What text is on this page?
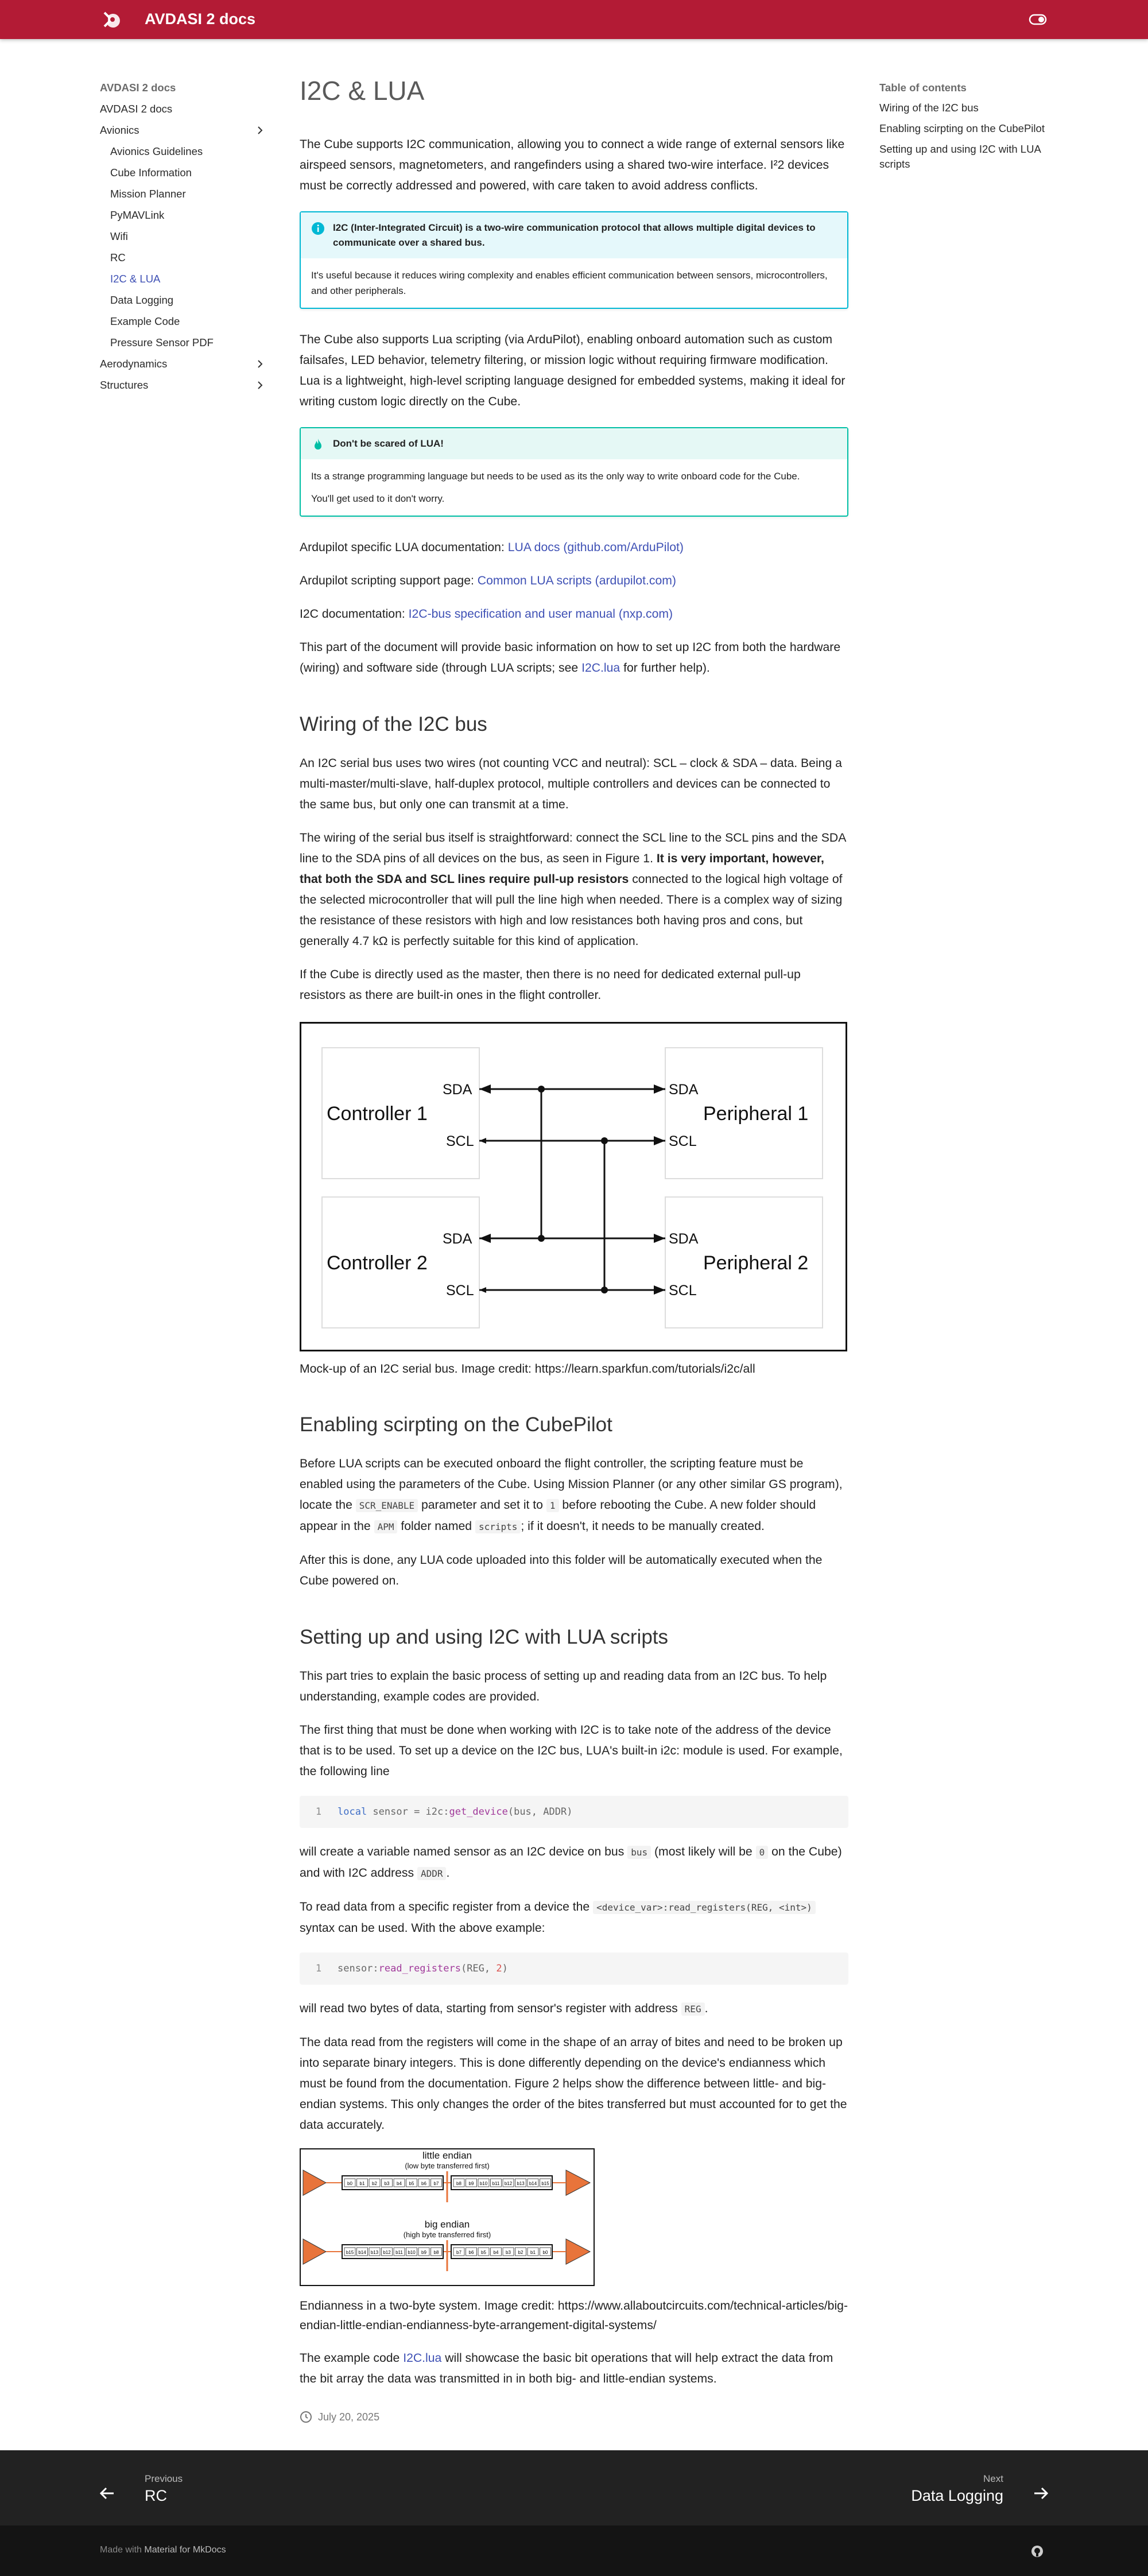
AVDASI 2 docs
AVDASI 2 docs
AVDASI 2 docs
Avionics
Avionics Guidelines
Cube Information
Mission Planner
PyMAVLink
Wifi
RC
I2C & LUA
Data Logging
Example Code
Pressure Sensor PDF
Aerodynamics
Structures
Table of contents
Wiring of the I2C bus
Enabling scirpting on the CubePilot
Setting up and using I2C with LUA scripts
I2C & LUA

The Cube supports I2C communication, allowing you to connect a wide range of external sensors like airspeed sensors, magnetometers, and rangefinders using a shared two-wire interface. I²2 devices must be correctly addressed and powered, with care taken to avoid address conflicts.

I2C (Inter-Integrated Circuit) is a two-wire communication protocol that allows multiple digital devices to communicate over a shared bus.
It's useful because it reduces wiring complexity and enables efficient communication between sensors, microcontrollers, and other peripherals.

The Cube also supports Lua scripting (via ArduPilot), enabling onboard automation such as custom failsafes, LED behavior, telemetry filtering, or mission logic without requiring firmware modification. Lua is a lightweight, high-level scripting language designed for embedded systems, making it ideal for writing custom logic directly on the Cube.

Don't be scared of LUA!

Its a strange programming language but needs to be used as its the only way to write onboard code for the Cube.

You'll get used to it don't worry.

Ardupilot specific LUA documentation: LUA docs (github.com/ArduPilot)

Ardupilot scripting support page: Common LUA scripts (ardupilot.com)

I2C documentation: I2C-bus specification and user manual (nxp.com)

This part of the document will provide basic information on how to set up I2C from both the hardware (wiring) and software side (through LUA scripts; see I2C.lua for further help).

Wiring of the I2C bus

An I2C serial bus uses two wires (not counting VCC and neutral): SCL – clock & SDA – data. Being a multi-master/multi-slave, half-duplex protocol, multiple controllers and devices can be connected to the same bus, but only one can transmit at a time.

The wiring of the serial bus itself is straightforward: connect the SCL line to the SCL pins and the SDA line to the SDA pins of all devices on the bus, as seen in Figure 1. It is very important, however, that both the SDA and SCL lines require pull-up resistors connected to the logical high voltage of the selected microcontroller that will pull the line high when needed. There is a complex way of sizing the resistance of these resistors with high and low resistances both having pros and cons, but generally 4.7 kΩ is perfectly suitable for this kind of application.

If the Cube is directly used as the master, then there is no need for dedicated external pull-up resistors as there are built-in ones in the flight controller.

Controller 1
Controller 2
Peripheral 1
Peripheral 2
SDA
SCL
SDA
SCL
SDA
SCL
SDA
SCL
Mock-up of an I2C serial bus. Image credit: https://learn.sparkfun.com/tutorials/i2c/all
Enabling scirpting on the CubePilot

Before LUA scripts can be executed onboard the flight controller, the scripting feature must be enabled using the parameters of the Cube. Using Mission Planner (or any other similar GS program), locate the SCR_ENABLE parameter and set it to 1 before rebooting the Cube. A new folder should appear in the APM folder named scripts ; if it doesn't, it needs to be manually created.

After this is done, any LUA code uploaded into this folder will be automatically executed when the Cube powered on.

Setting up and using I2C with LUA scripts

This part tries to explain the basic process of setting up and reading data from an I2C bus. To help understanding, example codes are provided.

The first thing that must be done when working with I2C is to take note of the address of the device that is to be used. To set up a device on the I2C bus, LUA's built-in i2c: module is used. For example, the following line

1	local sensor = i2c:get_device(bus, ADDR)

will create a variable named sensor as an I2C device on bus bus (most likely will be 0 on the Cube) and with I2C address ADDR .

To read data from a specific register from a device the <device_var>:read_registers(REG, <int>) syntax can be used. With the above example:

1	sensor:read_registers(REG, 2)

will read two bytes of data, starting from sensor's register with address REG .

The data read from the registers will come in the shape of an array of bites and need to be broken up into separate binary integers. This is done differently depending on the device's endianness which must be found from the documentation. Figure 2 helps show the difference between little- and big-endian systems. This only changes the order of the bites transferred but must accounted for to get the data accurately.

little endian
(low byte transferred first)
big endian
(high byte transferred first)
b0 b1 b2 b3 b4 b5 b6 b7	b8 b9 b10 b11 b12 b13 b14 b15
b15 b14 b13 b12 b11 b10 b9 b8	b7 b6 b5 b4 b3 b2 b1 b0
Endianness in a two-byte system. Image credit: https://www.allaboutcircuits.com/technical-articles/big-endian-little-endian-endianness-byte-arrangement-digital-systems/

The example code I2C.lua will showcase the basic bit operations that will help extract the data from the bit array the data was transmitted in in both big- and little-endian systems.

July 20, 2025
Previous
RC
Next
Data Logging
Made with Material for MkDocs
